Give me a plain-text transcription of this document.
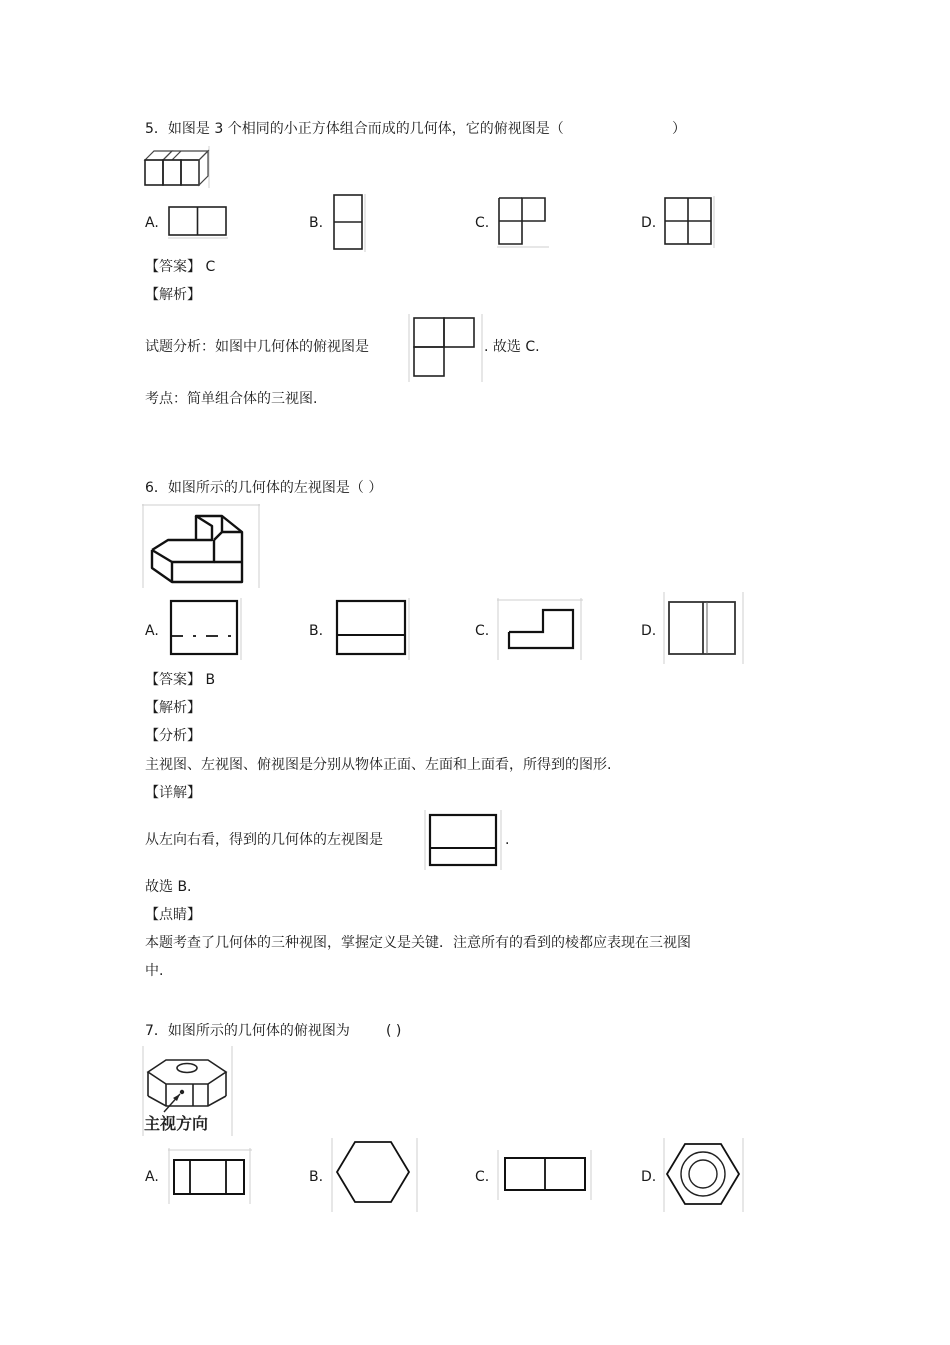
5．如图是 3 个相同的小正方体组合而成的几何体，它的俯视图是（	）
A.	B.	C.	D.
【答案】 C
【解析】
试题分析：如图中几何体的俯视图是	. 故选 C.
考点：简单组合体的三视图.
6．如图所示的几何体的左视图是（ ）
A.	B.	C.	D.
【答案】 B
【解析】
【分析】
主视图、左视图、俯视图是分别从物体正面、左面和上面看，所得到的图形.
【详解】
从左向右看，得到的几何体的左视图是	.
故选 B.
【点睛】
本题考查了几何体的三种视图，掌握定义是关键．注意所有的看到的棱都应表现在三视图
中.
7．如图所示的几何体的俯视图为	( )
主视方向
A.	B.	C.	D.
